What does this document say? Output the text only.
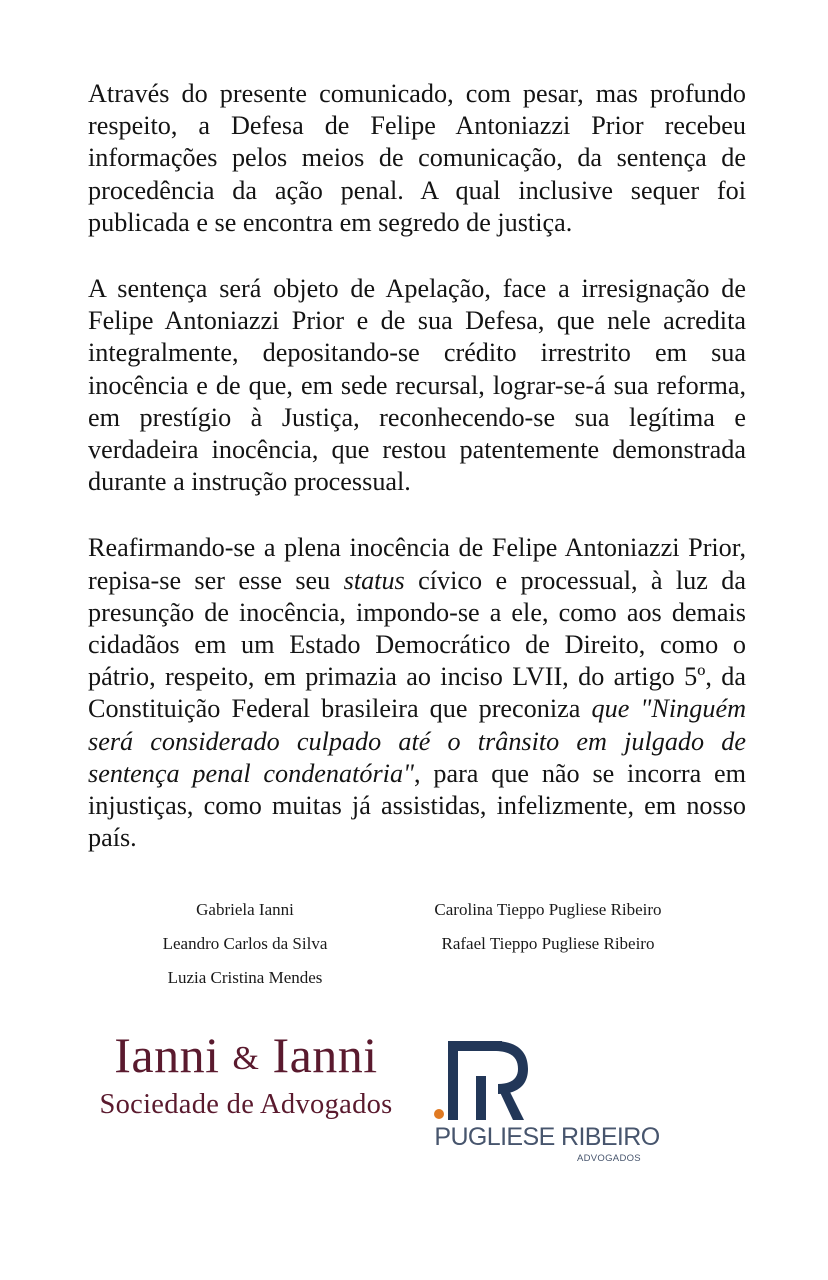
Através do presente comunicado, com pesar, mas profundo respeito, a Defesa de Felipe Antoniazzi Prior recebeu informações pelos meios de comunicação, da sentença de procedência da ação penal. A qual inclusive sequer foi publicada e se encontra em segredo de justiça.

A sentença será objeto de Apelação, face a irresignação de Felipe Antoniazzi Prior e de sua Defesa, que nele acredita integralmente, depositando-se crédito irrestrito em sua inocência e de que, em sede recursal, lograr-se-á sua reforma, em prestígio à Justiça, reconhecendo-se sua legítima e verdadeira inocência, que restou patentemente demonstrada durante a instrução processual.

Reafirmando-se a plena inocência de Felipe Antoniazzi Prior, repisa-se ser esse seu status cívico e processual, à luz da presunção de inocência, impondo-se a ele, como aos demais cidadãos em um Estado Democrático de Direito, como o pátrio, respeito, em primazia ao inciso LVII, do artigo 5º, da Constituição Federal brasileira que preconiza que "Ninguém será considerado culpado até o trânsito em julgado de sentença penal condenatória", para que não se incorra em injustiças, como muitas já assistidas, infelizmente, em nosso país.

Gabriela Ianni
Leandro Carlos da Silva
Luzia Cristina Mendes
Carolina Tieppo Pugliese Ribeiro
Rafael Tieppo Pugliese Ribeiro
Ianni & Ianni
Sociedade de Advogados
PUGLIESE RIBEIRO
ADVOGADOS
